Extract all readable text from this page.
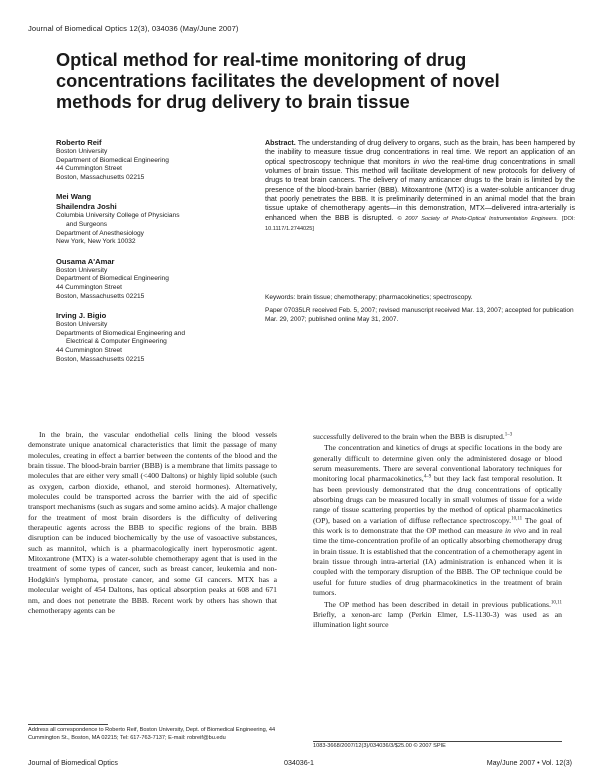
Journal of Biomedical Optics 12(3), 034036 (May/June 2007)
Optical method for real-time monitoring of drug concentrations facilitates the development of novel methods for drug delivery to brain tissue
Roberto Reif
Boston University
Department of Biomedical Engineering
44 Cummington Street
Boston, Massachusetts 02215
Mei Wang
Shailendra Joshi
Columbia University College of Physicians
and Surgeons
Department of Anesthesiology
New York, New York 10032
Ousama A'Amar
Boston University
Department of Biomedical Engineering
44 Cummington Street
Boston, Massachusetts 02215
Irving J. Bigio
Boston University
Departments of Biomedical Engineering and
Electrical & Computer Engineering
44 Cummington Street
Boston, Massachusetts 02215

Abstract. The understanding of drug delivery to organs, such as the brain, has been hampered by the inability to measure tissue drug concentrations in real time. We report an application of an optical spectroscopy technique that monitors in vivo the real-time drug concentrations in small volumes of brain tissue. This method will facilitate development of new protocols for delivery of drugs to treat brain cancers. The delivery of many anticancer drugs to the brain is limited by the presence of the blood-brain barrier (BBB). Mitoxantrone (MTX) is a water-soluble anticancer drug that poorly penetrates the BBB. It is preliminarily determined in an animal model that the brain tissue uptake of chemotherapy agents—in this demonstration, MTX—delivered intra-arterially is enhanced when the BBB is disrupted. © 2007 Society of Photo-Optical Instrumentation Engineers. [DOI: 10.1117/1.2744025]

Keywords: brain tissue; chemotherapy; pharmacokinetics; spectroscopy.
Paper 07035LR received Feb. 5, 2007; revised manuscript received Mar. 13, 2007; accepted for publication Mar. 29, 2007; published online May 31, 2007.

In the brain, the vascular endothelial cells lining the blood vessels demonstrate unique anatomical characteristics that limit the passage of many molecules, creating in effect a barrier between the contents of the blood and the brain tissue. The blood-brain barrier (BBB) is a membrane that limits passage to molecules that are either very small (<400 Daltons) or highly lipid soluble (such as oxygen, carbon dioxide, ethanol, and steroid hormones). Alternatively, molecules could be transported across the barrier with the aid of specific transport mechanisms (such as sugars and some amino acids). A major challenge for the treatment of most brain disorders is the difficulty of delivering therapeutic agents across the BBB to specific regions of the brain. BBB disruption can be induced biochemically by the use of vasoactive substances, such as mannitol, which is a pharmacologically inert hyperosmotic agent. Mitoxantrone (MTX) is a water-soluble chemotherapy agent that is used in the treatment of some types of cancer, such as breast cancer, leukemia and non-Hodgkin's lymphoma, prostate cancer, and some GI cancers. MTX has a molecular weight of 454 Daltons, has optical absorption peaks at 608 and 671 nm, and does not penetrate the BBB. Recent work by others has shown that chemotherapy agents can be

successfully delivered to the brain when the BBB is disrupted.$^{1-3}$

The concentration and kinetics of drugs at specific locations in the body are generally difficult to determine given only the administered dosage or blood serum measurements. There are several conventional laboratory techniques for monitoring local pharmacokinetics,$^{4-9}$ but they lack fast temporal resolution. It has been previously demonstrated that the drug concentrations of optically absorbing drugs can be measured locally in small volumes of tissue for a wide range of tissue scattering properties by the method of optical pharmacokinetics (OP), based on a variation of diffuse reflectance spectroscopy.$^{10,11}$ The goal of this work is to demonstrate that the OP method can measure in vivo and in real time the time-concentration profile of an optically absorbing chemotherapy drug in brain tissue. It is established that the concentration of a chemotherapy agent in brain tissue through intra-arterial (IA) administration is enhanced when it is coupled with the temporary disruption of the BBB. The OP technique could be useful for future studies of drug pharmacokinetics in the treatment of brain tumors.

The OP method has been described in detail in previous publications.$^{10,11}$ Briefly, a xenon-arc lamp (Perkin Elmer, LS-1130-3) was used as an illumination light source

Address all correspondence to Roberto Reif, Boston University, Dept. of Biomedical Engineering, 44 Cummington St., Boston, MA 02215; Tel: 617-763-7137; E-mail: robreif@bu.edu
1083-3668/2007/12(3)/034036/3/$25.00 © 2007 SPIE
Journal of Biomedical Optics	034036-1	May/June 2007 • Vol. 12(3)
